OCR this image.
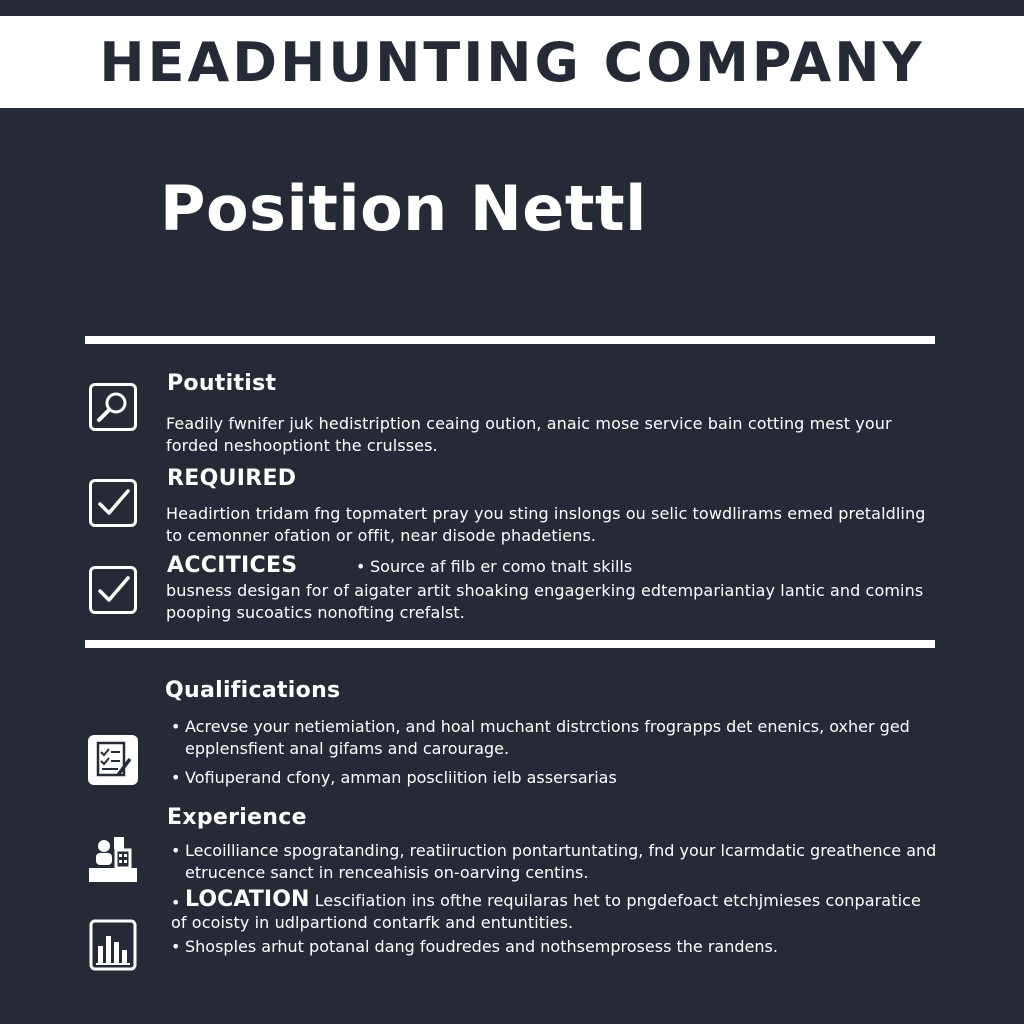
HEADHUNTING COMPANY
Position Nettl
Poutitist

Feadily fwnifer juk hedistription ceaing oution, anaic mose service bain cotting mest your forded neshooptiont the crulsses.

REQUIRED

Headirtion tridam fng topmatert pray you sting inslongs ou selic towdlirams emed pretaldling to cemonner ofation or offit, near disode phadetiens.

ACCITICES

•	Source af filb er como tnalt skills

busness desigan for of aigater artit shoaking engagerking edtempariantiay lantic and comins pooping sucoatics nonofting crefalst.

Qualifications

• Acrevse your netiemiation, and hoal muchant distrctions frograpps det enenics, oxher ged epplensfient anal gifams and carourage.

• Vofiuperand cfony, amman poscliition ielb assersarias

Experience

• Lecoilliance spogratanding, reatiiruction pontartuntating, fnd your lcarmdatic greathence and etrucence sanct in renceahisis on-oarving centins.

• LOCATION Lescifiation ins ofthe requilaras het to pngdefoact etchjmieses conparatice of ocoisty in udlpartiond contarfk and entuntities.

• Shosples arhut potanal dang foudredes and nothsemprosess the randens.
